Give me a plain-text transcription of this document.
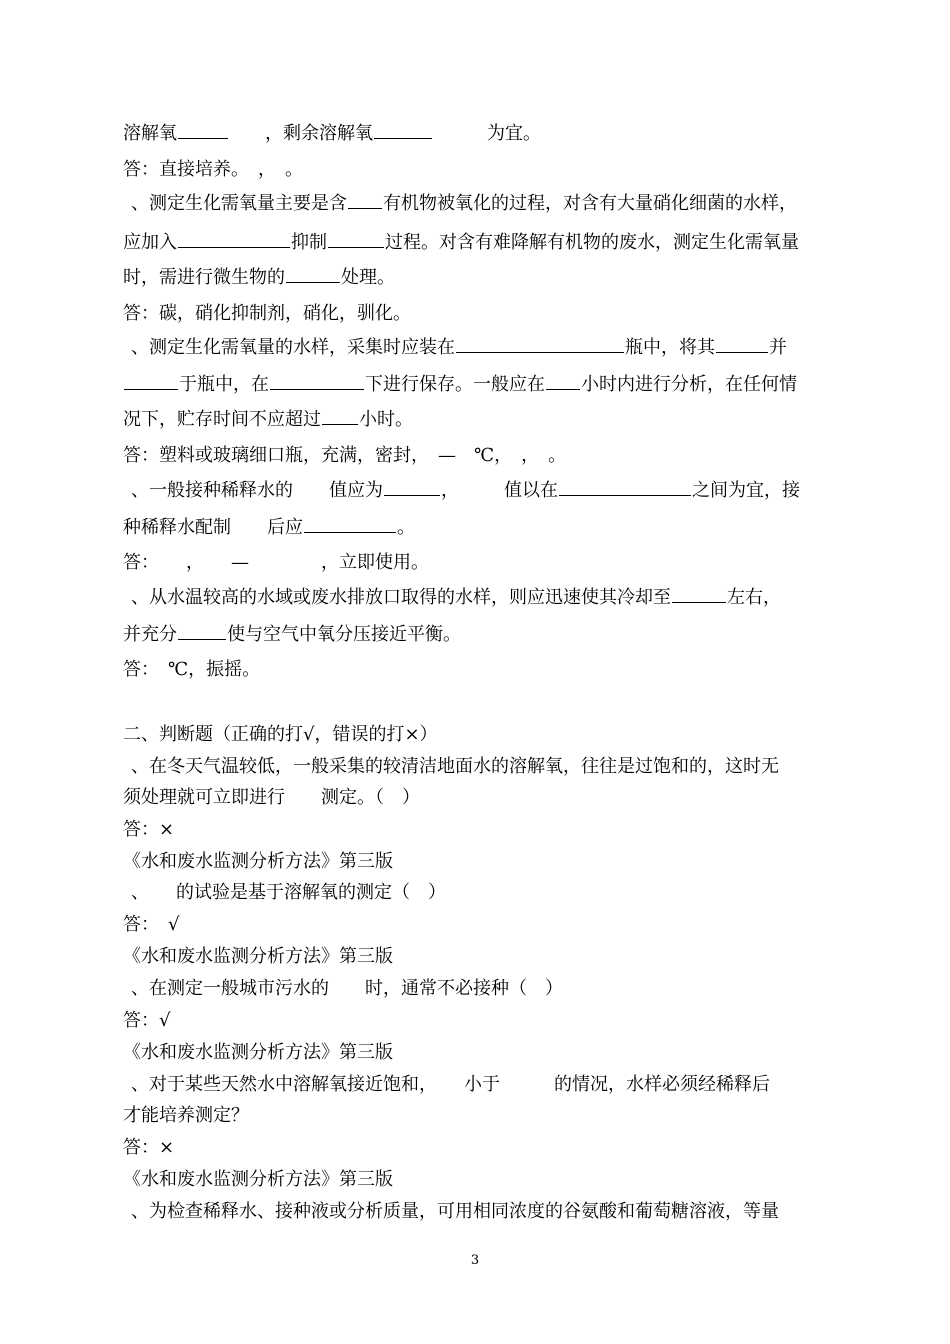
溶解氧　　	，剩余溶解氧　　　	为宜。
答：直接培养。　，　。
、测定生化需氧量主要是含 有机物被氧化的过程，对含有大量硝化细菌的水样，
应加入	抑制	过程。对含有难降解有机物的废水，测定生化需氧量
时，需进行微生物的	处理。
答：碳，硝化抑制剂，硝化，驯化。
、测定生化需氧量的水样，采集时应装在	瓶中，将其	并
于瓶中，在	下进行保存。一般应在 小时内进行分析，在任何情
况下，贮存时间不应超过 小时。
答：塑料或玻璃细口瓶，充满，密封，　—　℃，　，　。
、一般接种稀释水的　　值应为	，　　　值以在	之间为宜，接
种稀释水配制　　后应	。
答：　　，　　—　　　　，立即使用。
、从水温较高的水域或废水排放口取得的水样，则应迅速使其冷却至	左右，
并充分	使与空气中氧分压接近平衡。
答：　℃，振摇。
二、判断题（正确的打√，错误的打×）
、在冬天气温较低，一般采集的较清洁地面水的溶解氧，往往是过饱和的，这时无
须处理就可立即进行　　测定。（　）
答：×
《水和废水监测分析方法》第三版
、　　的试验是基于溶解氧的测定（　）
答：　√
《水和废水监测分析方法》第三版
、在测定一般城市污水的　　时，通常不必接种（　）
答：√
《水和废水监测分析方法》第三版
、对于某些天然水中溶解氧接近饱和，　　小于　　　的情况，水样必须经稀释后
才能培养测定？
答：×
《水和废水监测分析方法》第三版
、为检查稀释水、接种液或分析质量，可用相同浓度的谷氨酸和葡萄糖溶液，等量
3
